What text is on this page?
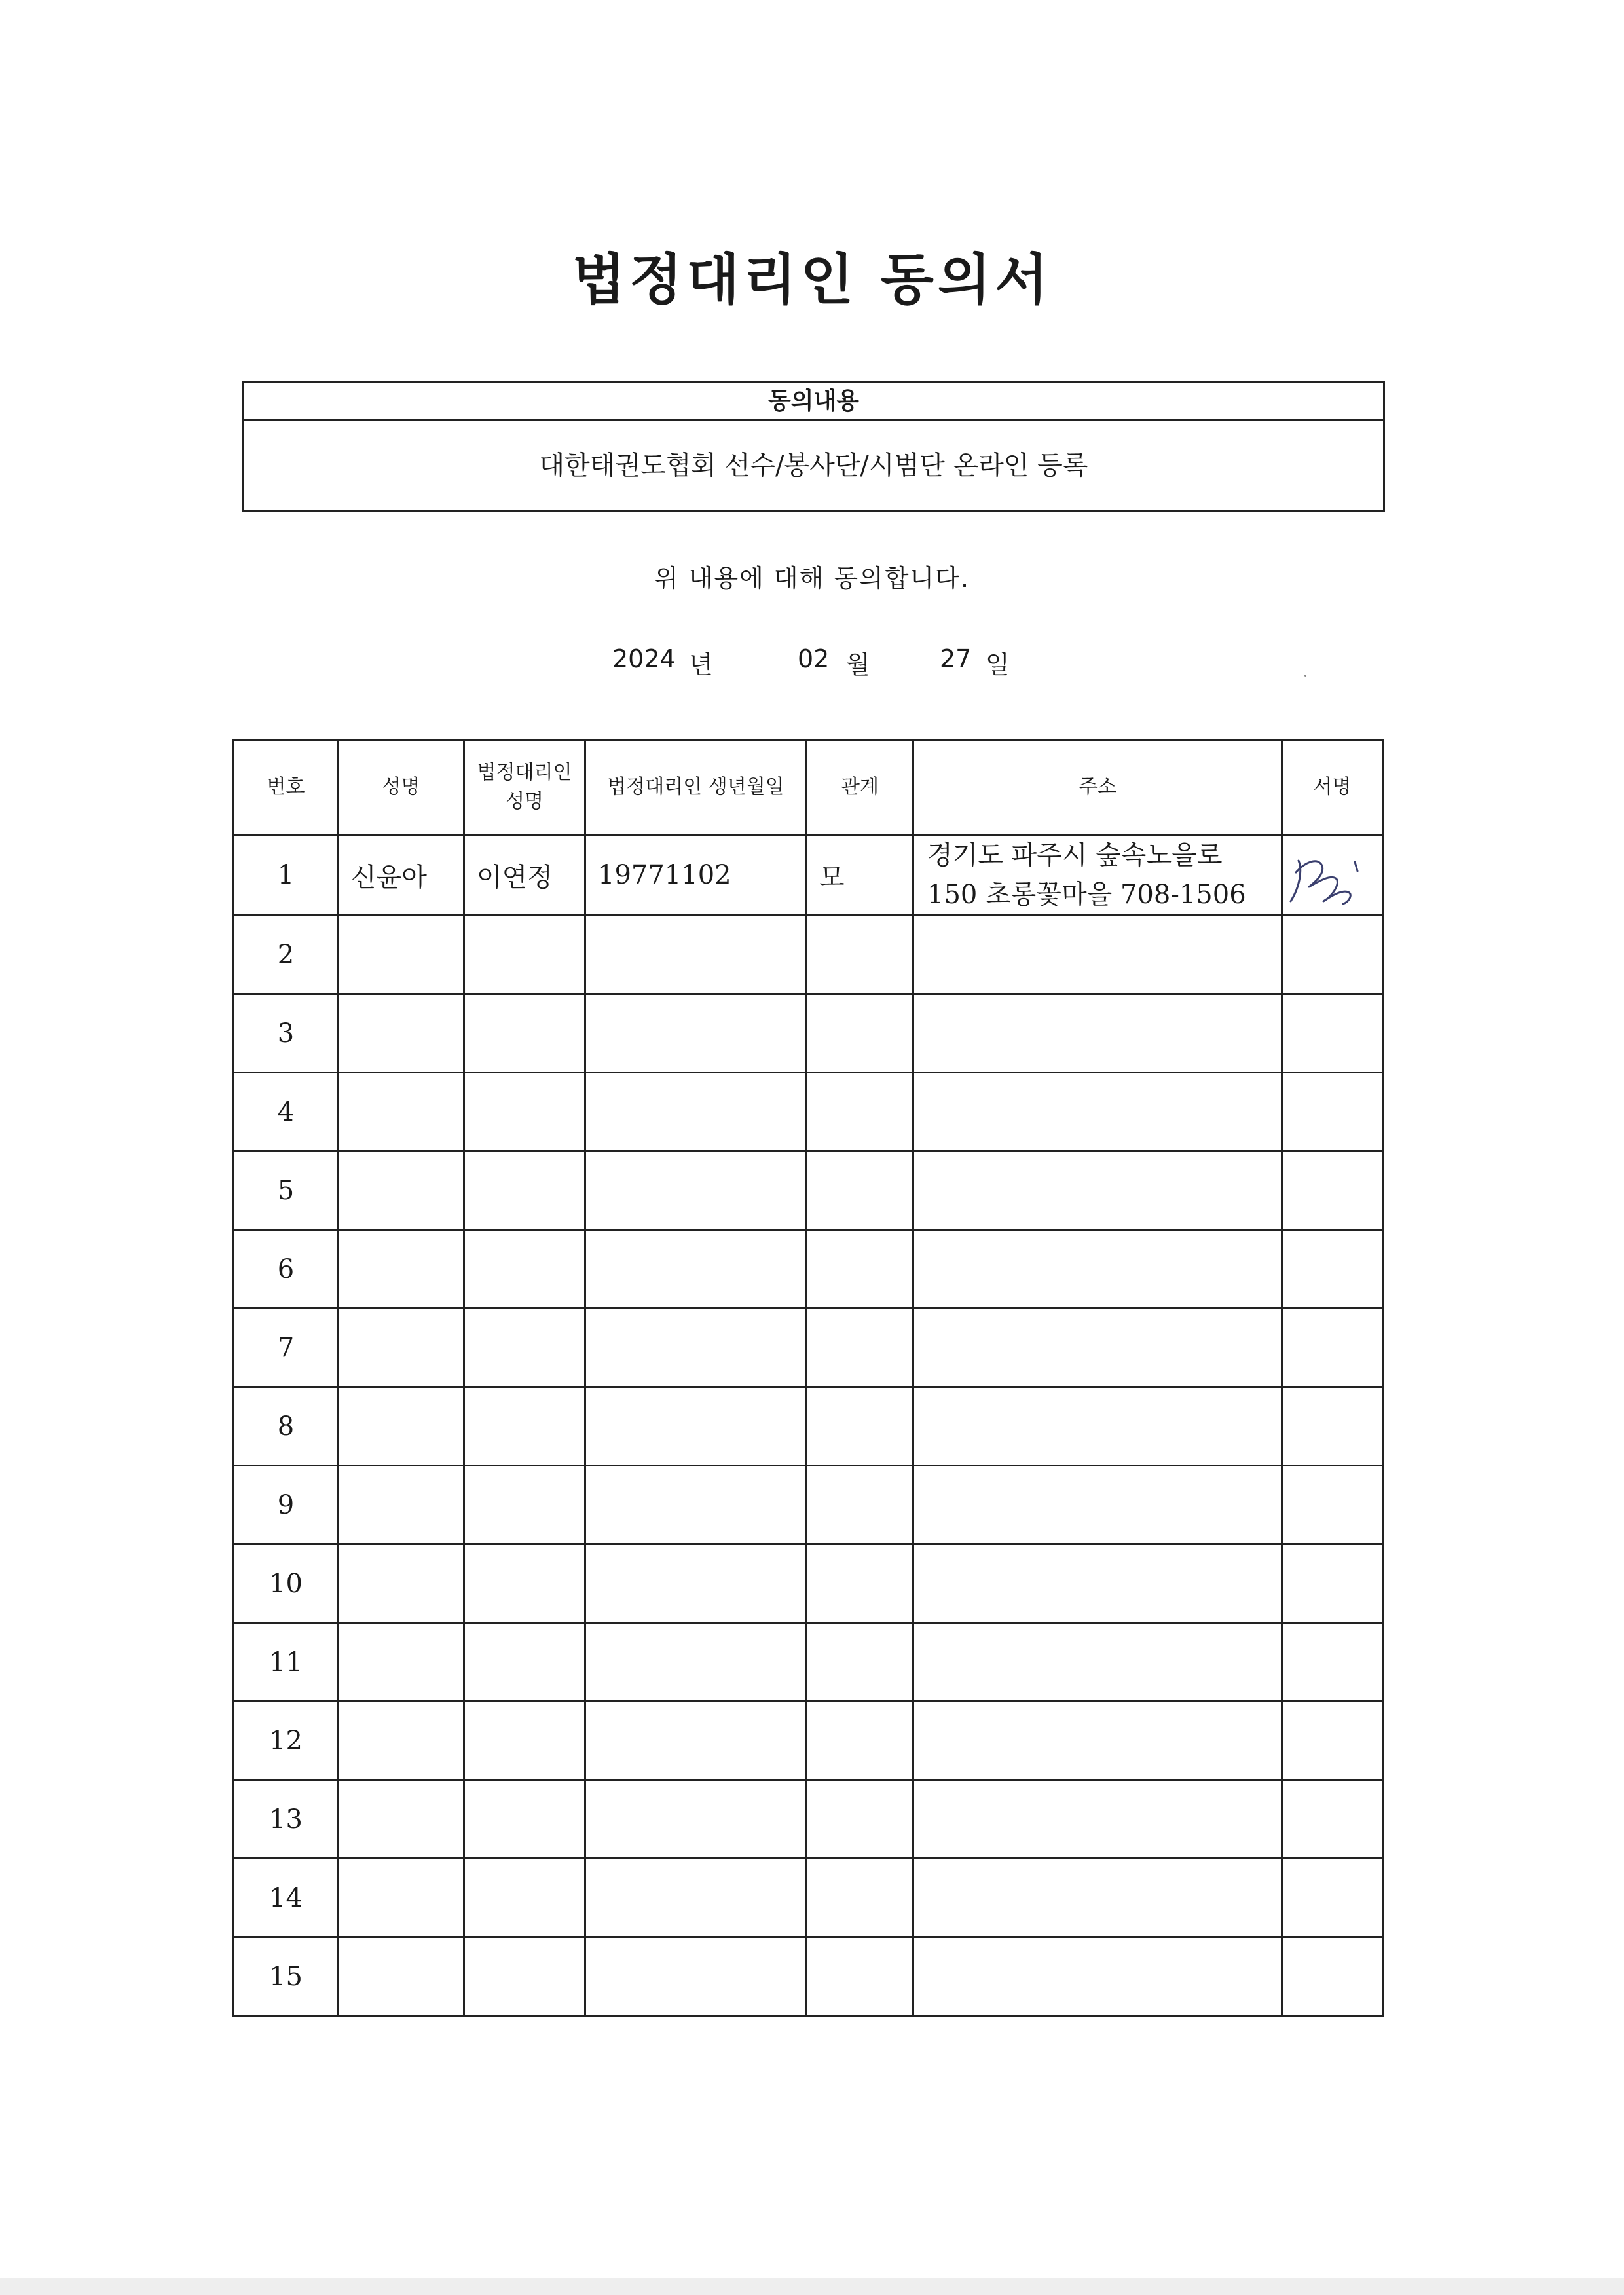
법정대리인 동의서
동의내용
대한태권도협회 선수/봉사단/시범단 온라인 등록
위 내용에 대해 동의합니다.
2024 년	02 월	27 일
번호	성명	법정대리인 성명	법정대리인 생년월일	관계	주소	서명
1	신윤아	이연정	19771102	모	경기도 파주시 숲속노을로
150 초롱꽃마을 708-1506

2					

3					

4					

5					

6					

7					

8					

9					

10					

11					

12					

13					

14					

15					
